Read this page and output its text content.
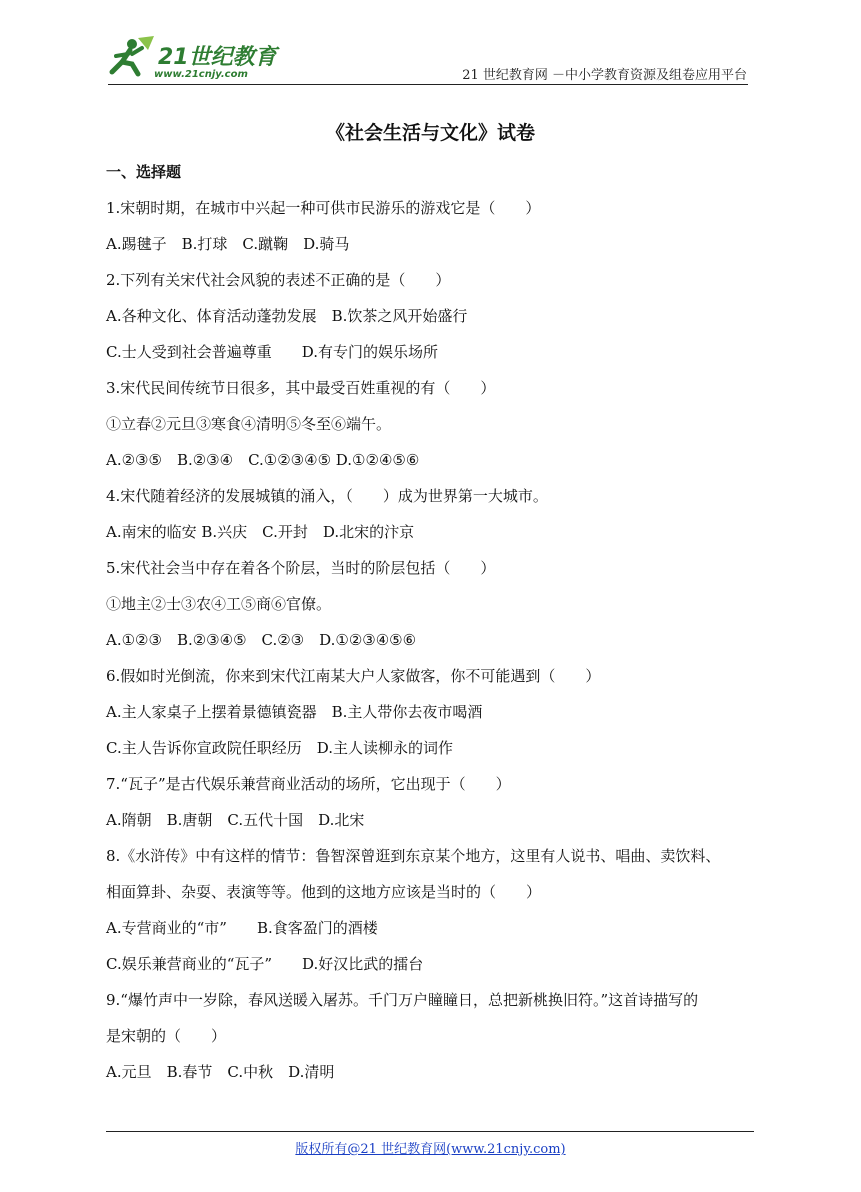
21世纪教育
www.21cnjy.com	21 世纪教育网 －中小学教育资源及组卷应用平台
《社会生活与文化》试卷
一、选择题
1.宋朝时期，在城市中兴起一种可供市民游乐的游戏它是（　　）
A.踢毽子　B.打球　C.蹴鞠　D.骑马
2.下列有关宋代社会风貌的表述不正确的是（　　）
A.各种文化、体育活动蓬勃发展　B.饮茶之风开始盛行
C.士人受到社会普遍尊重　　D.有专门的娱乐场所
3.宋代民间传统节日很多，其中最受百姓重视的有（　　）
①立春②元旦③寒食④清明⑤冬至⑥端午。
A.②③⑤　B.②③④　C.①②③④⑤ D.①②④⑤⑥
4.宋代随着经济的发展城镇的涌入，（　　）成为世界第一大城市。
A.南宋的临安 B.兴庆　C.开封　D.北宋的汴京
5.宋代社会当中存在着各个阶层，当时的阶层包括（　　）
①地主②士③农④工⑤商⑥官僚。
A.①②③　B.②③④⑤　C.②③　D.①②③④⑤⑥
6.假如时光倒流，你来到宋代江南某大户人家做客，你不可能遇到（　　）
A.主人家桌子上摆着景德镇瓷器　B.主人带你去夜市喝酒
C.主人告诉你宣政院任职经历　D.主人读柳永的词作
7.“瓦子”是古代娱乐兼营商业活动的场所，它出现于（　　）
A.隋朝　B.唐朝　C.五代十国　D.北宋
8.《水浒传》中有这样的情节：鲁智深曾逛到东京某个地方，这里有人说书、唱曲、卖饮料、
相面算卦、杂耍、表演等等。他到的这地方应该是当时的（　　）
A.专营商业的“市”　　B.食客盈门的酒楼
C.娱乐兼营商业的“瓦子”　　D.好汉比武的擂台
9.“爆竹声中一岁除，春风送暖入屠苏。千门万户瞳瞳日，总把新桃换旧符。”这首诗描写的
是宋朝的（　　）
A.元旦　B.春节　C.中秋　D.清明
版权所有@21 世纪教育网(www.21cnjy.com)
